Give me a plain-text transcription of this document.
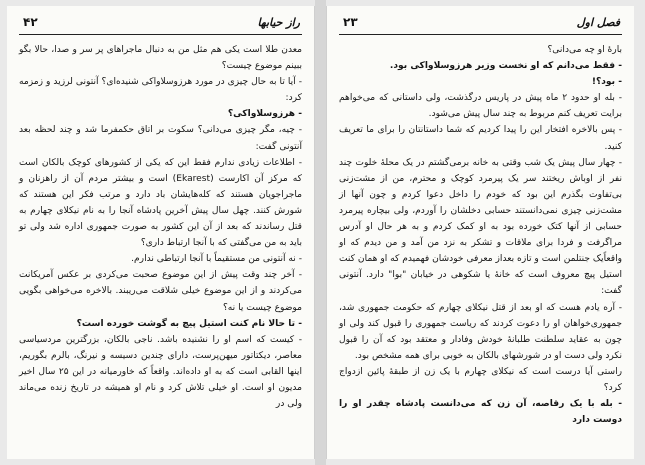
راز حیابها
۴۲

معدن طلا است یکی هم مثل من به دنبال ماجراهای پر سر و صدا، حالا بگو ببینم موضوع چیست؟

- آیا تا به حال چیزی در مورد هرزوسلاواکی شنیده‌ای؟ آنتونی لرزید و زمزمه کرد:

- هرزوسلاواکی؟

- چیه، مگر چیزی می‌دانی؟ سکوت بر اتاق حکمفرما شد و چند لحظه بعد آنتونی گفت:

- اطلاعات زیادی ندارم فقط این که یکی از کشورهای کوچک بالکان است که مرکز آن اکارست (Ekarest) است و بیشتر مردم آن از راهزنان و ماجراجویان هستند که کله‌هایشان باد دارد و مرتب فکر این هستند که شورش کنند. چهل سال پیش آخرین پادشاه آنجا را به نام نیکلای چهارم به قتل رساندند که بعد از آن این کشور به صورت جمهوری اداره شد ولی تو باید به من می‌گفتی که با آنجا ارتباط داری؟

- نه آنتونی من مستقیماً با آنجا ارتباطی ندارم.

- آخر چند وقت پیش از این موضوع صحبت می‌کردی بر عکس آمریکانت می‌کردند و از این موضوع خیلی شلاقت می‌ریبند. بالاخره می‌خواهی بگویی موضوع چیست یا نه؟

- تا حالا نام کنت استیل پیچ به گوشت خورده است؟

- کیست که اسم او را نشنیده باشد. ناجی بالکان، بزرگترین مردسیاسی معاصر، دیکتاتور میهن‌پرست، دارای چندین دسیسه و نیرنگ، بالرم بگوریم، اینها القابی است که به او داده‌اند. واقعاً که خاورمیانه در این ۲۵ سال اخیر مدیون او است. او خیلی تلاش کرد و نام او همیشه در تاریخ زنده می‌ماند ولی در

فصل اول
۲۳

بارهٔ او چه می‌دانی؟

- فقط می‌دانم که او نخست وزیر هرزوسلاواکی بود.

- بود؟!

- بله او حدود ۲ ماه پیش در پاریس درگذشت، ولی داستانی که می‌خواهم برایت تعریف کنم مربوط به چند سال پیش می‌شود.

- پس بالاخره افتخار این را پیدا کردیم که شما داستانتان را برای ما تعریف کنید.

- چهار سال پیش یک شب وقتی به خانه برمی‌گشتم در یک محلهٔ خلوت چند نفر از اوباش ریختند سر یک پیرمرد کوچک و محترم، من از مشت‌زنی بی‌تفاوت بگذرم این بود که خودم را داخل دعوا کردم و چون آنها از مشت‌زنی چیزی نمی‌دانستند حسابی دخلشان را آوردم، ولی بیچاره پیرمرد حسابی از آنها کتک خورده بود به او کمک کردم و به هر حال او آدرس مراگرفت و فردا برای ملاقات و تشکر به نزد من آمد و من دیدم که او واقعاًیک جنتلمن است و تازه بعداز معرفی خودشان فهمیدم که او همان کنت استیل پیچ معروف است که خانهٔ یا شکوهی در خیابان "بوا" دارد. آنتونی گفت:

- آره یادم هست که او بعد از قتل نیکلای چهارم که حکومت جمهوری شد، جمهوری‌خواهان او را دعوت کردند که ریاست جمهوری را قبول کند ولی او چون به عقاید سلطنت طلبانهٔ خودش وفادار و معتقد بود که آن را قبول نکرد ولی دست او در شورشهای بالکان به خوبی برای همه مشخص بود.

راستی آیا درست است که نیکلای چهارم با یک زن از طبقهٔ پائین ازدواج کرد؟

- بله با یک رقاصه، آن زن که می‌دانست پادشاه چقدر او را دوست دارد
